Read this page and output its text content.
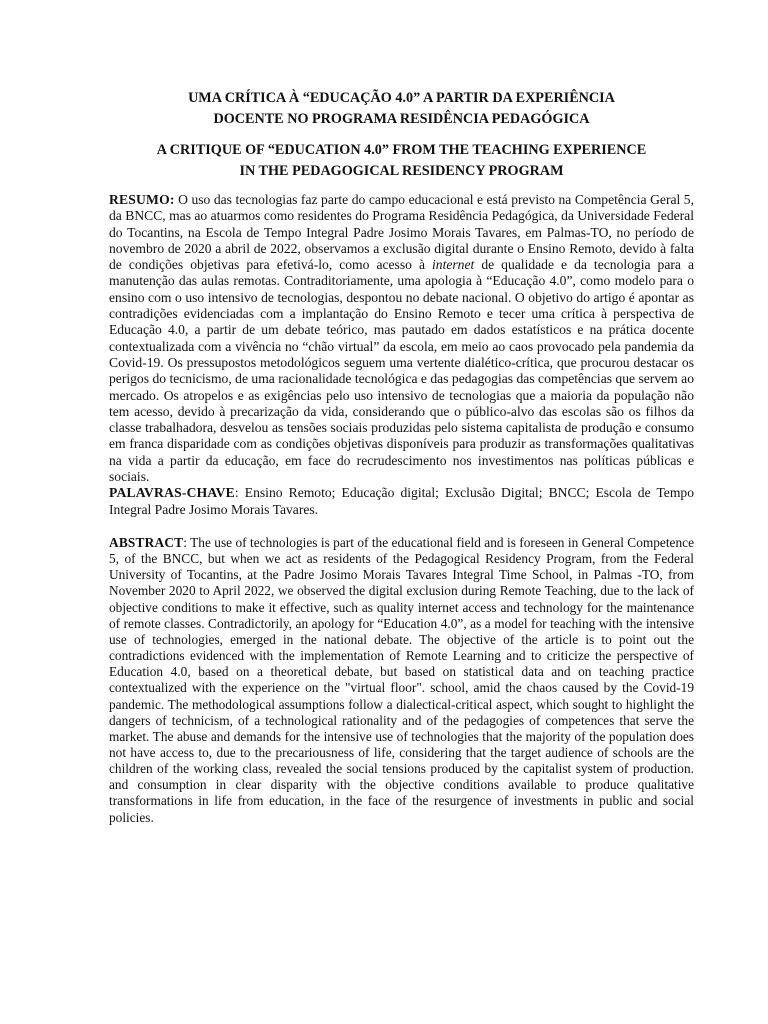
UMA CRÍTICA À “EDUCAÇÃO 4.0” A PARTIR DA EXPERIÊNCIA
DOCENTE NO PROGRAMA RESIDÊNCIA PEDAGÓGICA
A CRITIQUE OF “EDUCATION 4.0” FROM THE TEACHING EXPERIENCE
IN THE PEDAGOGICAL RESIDENCY PROGRAM

RESUMO: O uso das tecnologias faz parte do campo educacional e está previsto na Competência Geral 5, da BNCC, mas ao atuarmos como residentes do Programa Residência Pedagógica, da Universidade Federal do Tocantins, na Escola de Tempo Integral Padre Josimo Morais Tavares, em Palmas-TO, no período de novembro de 2020 a abril de 2022, observamos a exclusão digital durante o Ensino Remoto, devido à falta de condições objetivas para efetivá-lo, como acesso à internet de qualidade e da tecnologia para a manutenção das aulas remotas. Contraditoriamente, uma apologia à “Educação 4.0”, como modelo para o ensino com o uso intensivo de tecnologias, despontou no debate nacional. O objetivo do artigo é apontar as contradições evidenciadas com a implantação do Ensino Remoto e tecer uma crítica à perspectiva de Educação 4.0, a partir de um debate teórico, mas pautado em dados estatísticos e na prática docente contextualizada com a vivência no “chão virtual” da escola, em meio ao caos provocado pela pandemia da Covid-19. Os pressupostos metodológicos seguem uma vertente dialético-crítica, que procurou destacar os perigos do tecnicismo, de uma racionalidade tecnológica e das pedagogias das competências que servem ao mercado. Os atropelos e as exigências pelo uso intensivo de tecnologias que a maioria da população não tem acesso, devido à precarização da vida, considerando que o público-alvo das escolas são os filhos da classe trabalhadora, desvelou as tensões sociais produzidas pelo sistema capitalista de produção e consumo em franca disparidade com as condições objetivas disponíveis para produzir as transformações qualitativas na vida a partir da educação, em face do recrudescimento nos investimentos nas políticas públicas e sociais.

PALAVRAS-CHAVE: Ensino Remoto; Educação digital; Exclusão Digital; BNCC; Escola de Tempo Integral Padre Josimo Morais Tavares.

ABSTRACT: The use of technologies is part of the educational field and is foreseen in General Competence 5, of the BNCC, but when we act as residents of the Pedagogical Residency Program, from the Federal University of Tocantins, at the Padre Josimo Morais Tavares Integral Time School, in Palmas -TO, from November 2020 to April 2022, we observed the digital exclusion during Remote Teaching, due to the lack of objective conditions to make it effective, such as quality internet access and technology for the maintenance of remote classes. Contradictorily, an apology for “Education 4.0”, as a model for teaching with the intensive use of technologies, emerged in the national debate. The objective of the article is to point out the contradictions evidenced with the implementation of Remote Learning and to criticize the perspective of Education 4.0, based on a theoretical debate, but based on statistical data and on teaching practice contextualized with the experience on the "virtual floor". school, amid the chaos caused by the Covid-19 pandemic. The methodological assumptions follow a dialectical-critical aspect, which sought to highlight the dangers of technicism, of a technological rationality and of the pedagogies of competences that serve the market. The abuse and demands for the intensive use of technologies that the majority of the population does not have access to, due to the precariousness of life, considering that the target audience of schools are the children of the working class, revealed the social tensions produced by the capitalist system of production. and consumption in clear disparity with the objective conditions available to produce qualitative transformations in life from education, in the face of the resurgence of investments in public and social policies.
